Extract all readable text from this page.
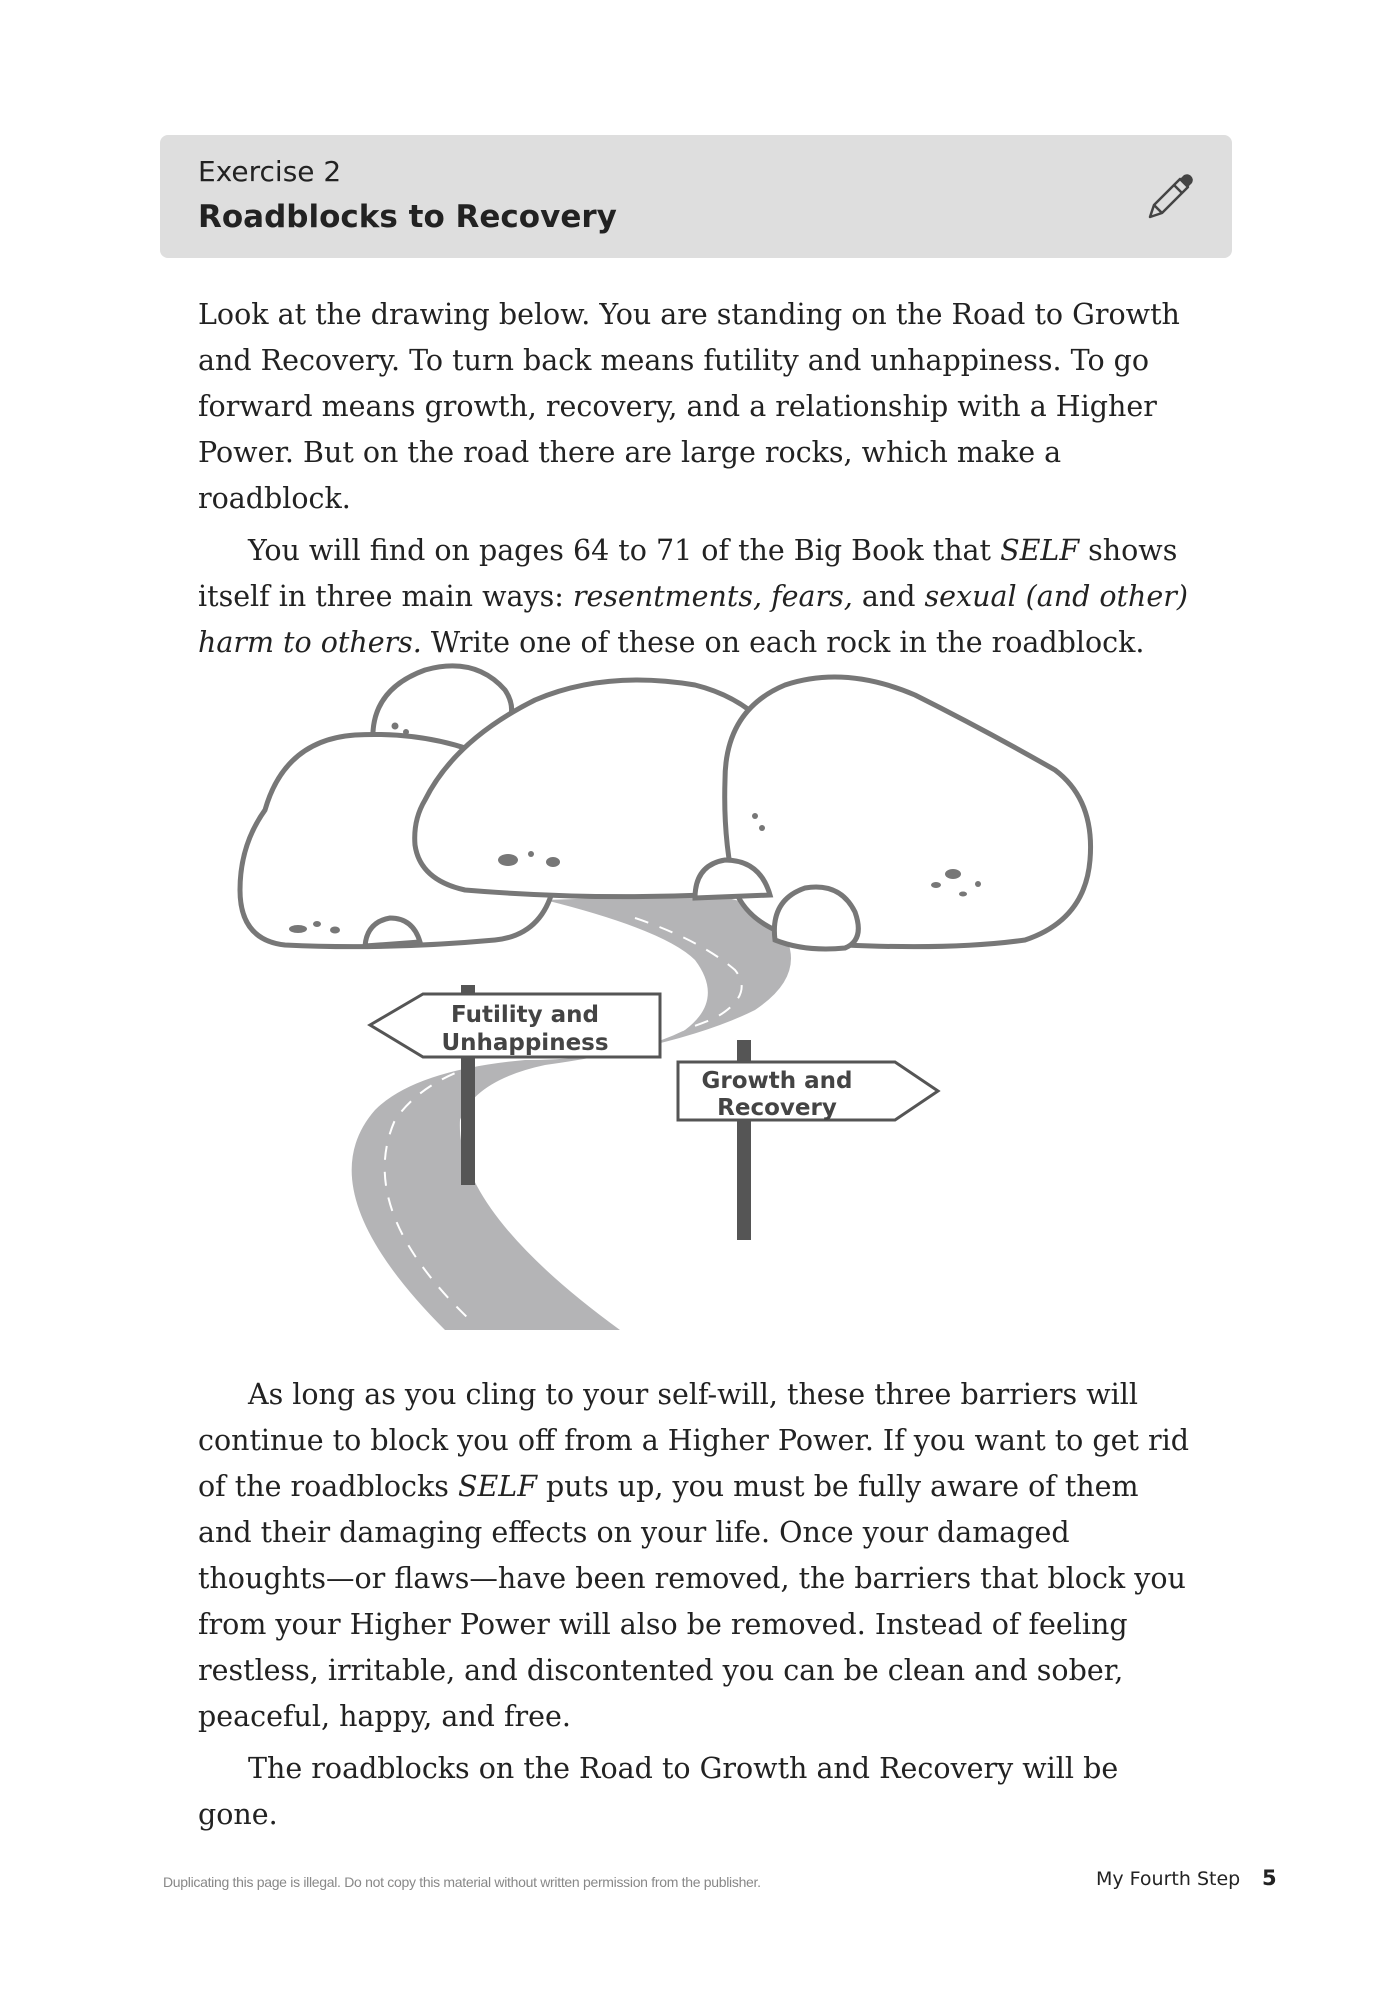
Exercise 2
Roadblocks to Recovery

Look at the drawing below. You are standing on the Road to Growth and Recovery. To turn back means futility and unhappiness. To go forward means growth, recovery, and a relationship with a Higher Power. But on the road there are large rocks, which make a roadblock.

You will find on pages 64 to 71 of the Big Book that SELF shows itself in three main ways: resentments, fears, and sexual (and other) harm to others. Write one of these on each rock in the roadblock.

Futility and
Unhappiness
Growth and
Recovery

As long as you cling to your self-will, these three barriers will continue to block you off from a Higher Power. If you want to get rid of the roadblocks SELF puts up, you must be fully aware of them and their damaging effects on your life. Once your damaged thoughts—or flaws—have been removed, the barriers that block you from your Higher Power will also be removed. Instead of feeling restless, irritable, and discontented you can be clean and sober, peaceful, happy, and free.

The roadblocks on the Road to Growth and Recovery will be gone.

Duplicating this page is illegal. Do not copy this material without written permission from the publisher.	My Fourth Step 5
